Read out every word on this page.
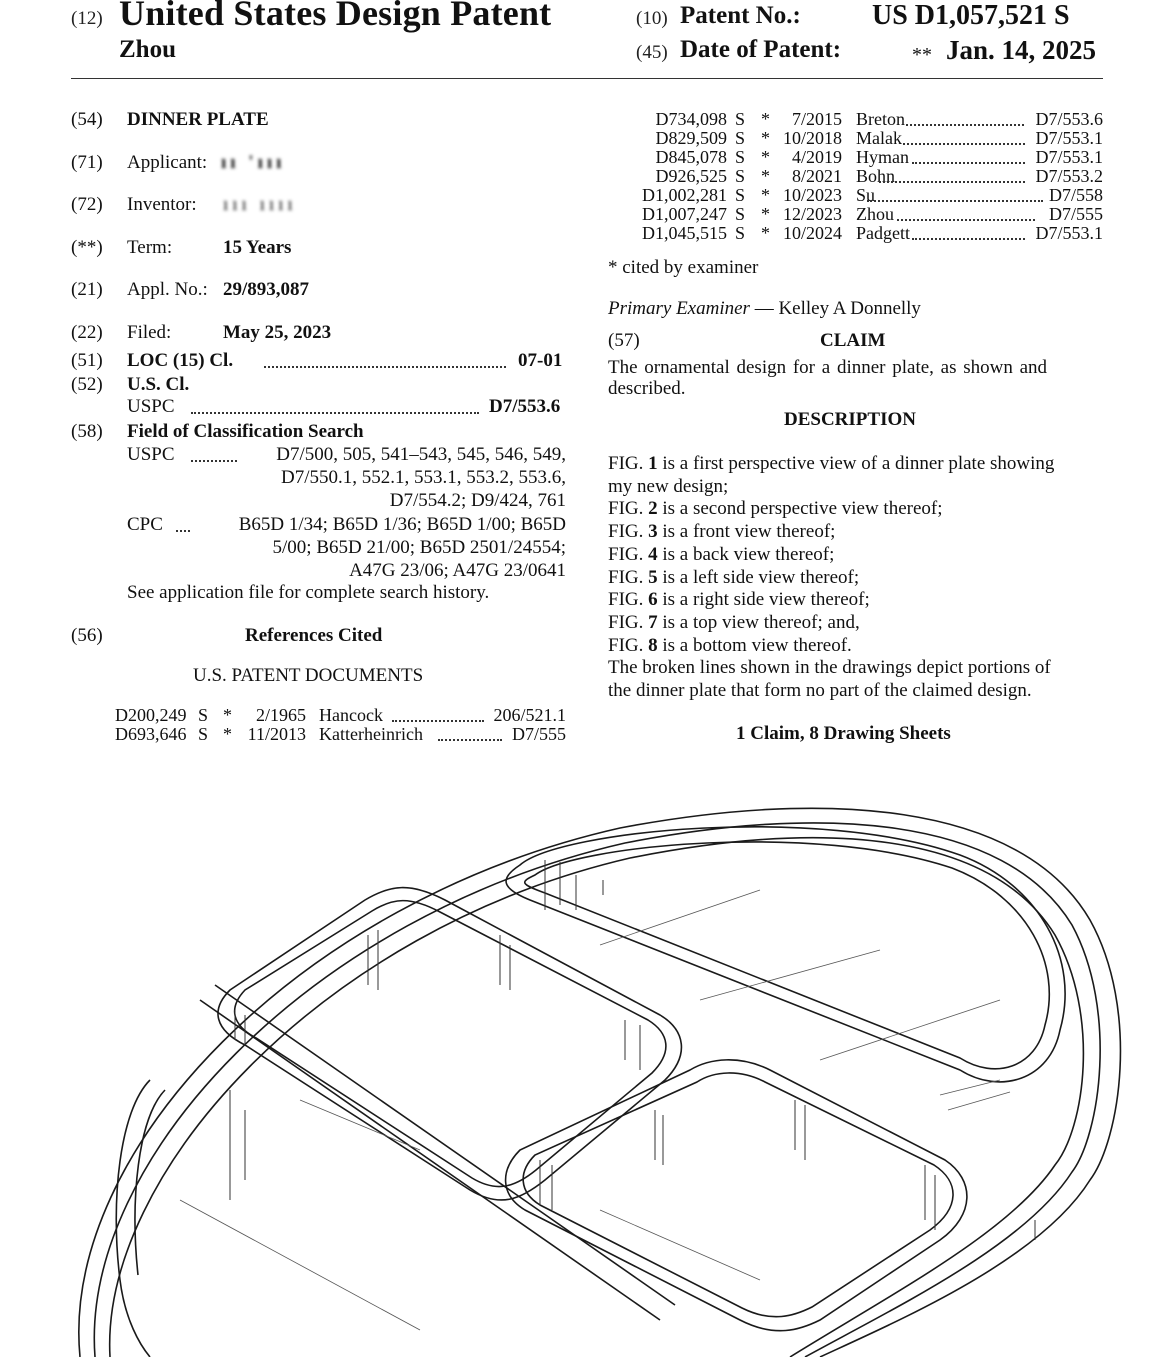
(12) United States Design Patent
Zhou
(10) Patent No.:	US D1,057,521 S
(45) Date of Patent:	** Jan. 14, 2025
(54) DINNER PLATE
(71) Applicant: ıı 'ııı
(72) Inventor: ııı ıııı
(**) Term:	15 Years
(21) Appl. No.: 29/893,087
(22) Filed:	May 25, 2023
(51) LOC (15) Cl.	07-01
(52) U.S. Cl.
USPC	D7/553.6
(58) Field of Classification Search
USPC	D7/500, 505, 541–543, 545, 546, 549,
D7/550.1, 552.1, 553.1, 553.2, 553.6,
D7/554.2; D9/424, 761
CPC	B65D 1/34; B65D 1/36; B65D 1/00; B65D
5/00; B65D 21/00; B65D 2501/24554;
A47G 23/06; A47G 23/0641
See application file for complete search history.
(56)	References Cited
U.S. PATENT DOCUMENTS
D200,249 S * 2/1965 Hancock	206/521.1
D693,646 S * 11/2013 Katterheinrich	D7/555
D734,098 S * 7/2015 Breton	D7/553.6
D829,509 S * 10/2018 Malak	D7/553.1
D845,078 S * 4/2019 Hyman	D7/553.1
D926,525 S * 8/2021 Bohn	D7/553.2
D1,002,281 S * 10/2023 Su	D7/558
D1,007,247 S * 12/2023 Zhou	D7/555
D1,045,515 S * 10/2024 Padgett	D7/553.1
* cited by examiner
Primary Examiner — Kelley A Donnelly
(57)	CLAIM
The ornamental design for a dinner plate, as shown and
described.
DESCRIPTION
FIG. 1 is a first perspective view of a dinner plate showing
my new design;
FIG. 2 is a second perspective view thereof;
FIG. 3 is a front view thereof;
FIG. 4 is a back view thereof;
FIG. 5 is a left side view thereof;
FIG. 6 is a right side view thereof;
FIG. 7 is a top view thereof; and,
FIG. 8 is a bottom view thereof.
The broken lines shown in the drawings depict portions of
the dinner plate that form no part of the claimed design.
1 Claim, 8 Drawing Sheets
